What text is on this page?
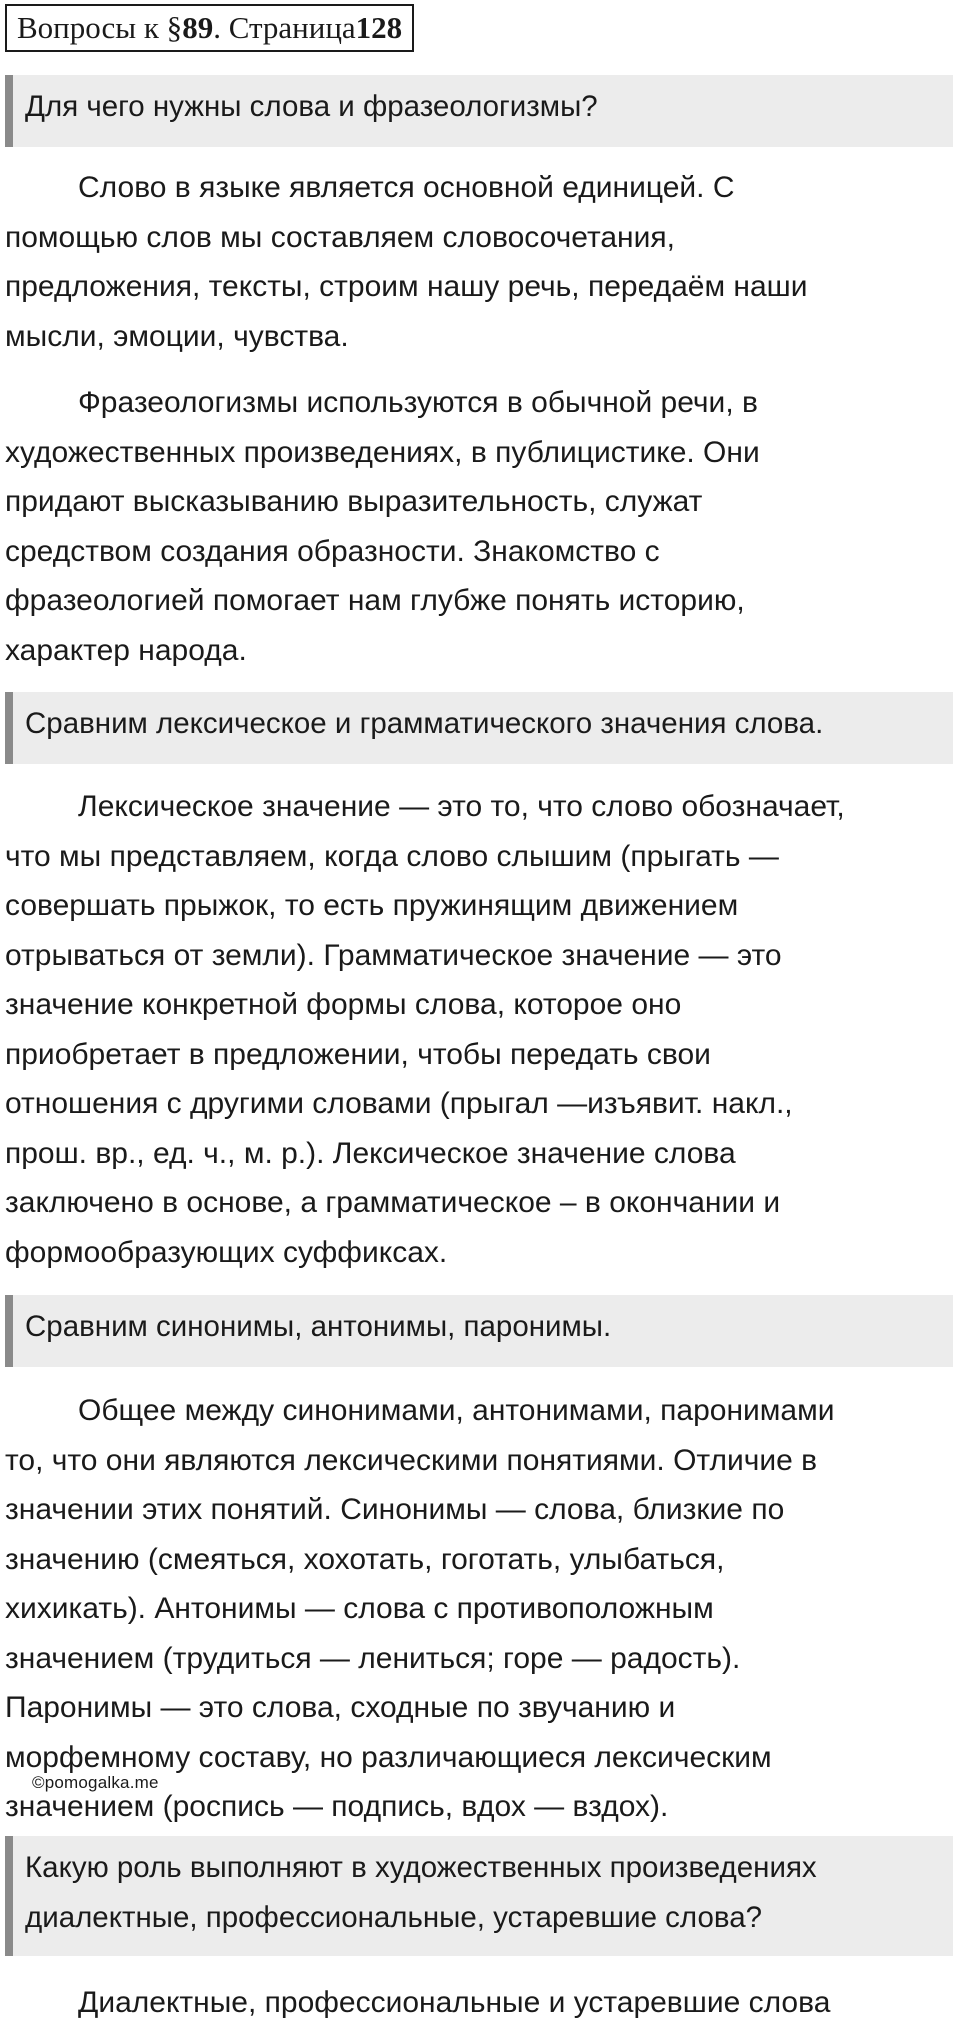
Вопросы к § 89 . Страница 128
Для чего нужны слова и фразеологизмы?
Слово в языке является основной единицей. С
помощью слов мы составляем словосочетания,
предложения, тексты, строим нашу речь, передаём наши
мысли, эмоции, чувства.
Фразеологизмы используются в обычной речи, в
художественных произведениях, в публицистике. Они
придают высказыванию выразительность, служат
средством создания образности. Знакомство с
фразеологией помогает нам глубже понять историю,
характер народа.
Сравним лексическое и грамматического значения слова.
Лексическое значение — это то, что слово обозначает,
что мы представляем, когда слово слышим (прыгать —
совершать прыжок, то есть пружинящим движением
отрываться от земли). Грамматическое значение — это
значение конкретной формы слова, которое оно
приобретает в предложении, чтобы передать свои
отношения с другими словами (прыгал —изъявит. накл.,
прош. вр., ед. ч., м. р.). Лексическое значение слова
заключено в основе, а грамматическое – в окончании и
формообразующих суффиксах.
Сравним синонимы, антонимы, паронимы.
Общее между синонимами, антонимами, паронимами
то, что они являются лексическими понятиями. Отличие в
значении этих понятий. Синонимы — слова, близкие по
значению (смеяться, хохотать, гоготать, улыбаться,
хихикать). Антонимы — слова с противоположным
значением (трудиться — лениться; горе — радость).
Паронимы — это слова, сходные по звучанию и
морфемному составу, но различающиеся лексическим
значением (роспись — подпись, вдох — вздох).
©pomogalka.me
Какую роль выполняют в художественных произведениях
диалектные, профессиональные, устаревшие слова?
Диалектные, профессиональные и устаревшие слова
